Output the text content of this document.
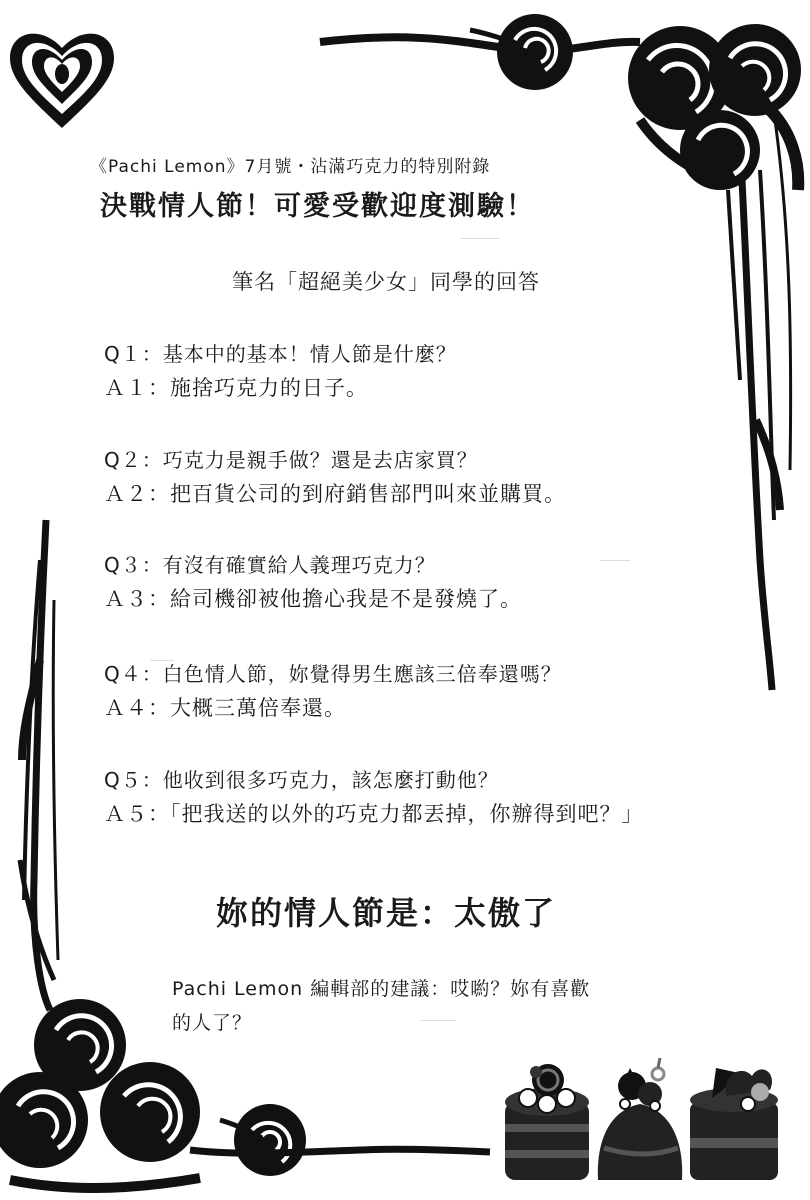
《Pachi Lemon》7月號・沾滿巧克力的特別附錄
決戰情人節！可愛受歡迎度測驗！
筆名「超絕美少女」同學的回答
Q１：基本中的基本！情人節是什麼？
Ａ１：施捨巧克力的日子。
Q２：巧克力是親手做？還是去店家買？
Ａ２：把百貨公司的到府銷售部門叫來並購買。
Q３：有沒有確實給人義理巧克力？
Ａ３：給司機卻被他擔心我是不是發燒了。
Q４：白色情人節，妳覺得男生應該三倍奉還嗎？
Ａ４：大概三萬倍奉還。
Q５：他收到很多巧克力，該怎麼打動他？
Ａ５：「把我送的以外的巧克力都丟掉，你辦得到吧？」
妳的情人節是：太傲了
Pachi Lemon 編輯部的建議：哎喲？妳有喜歡
的人了？
